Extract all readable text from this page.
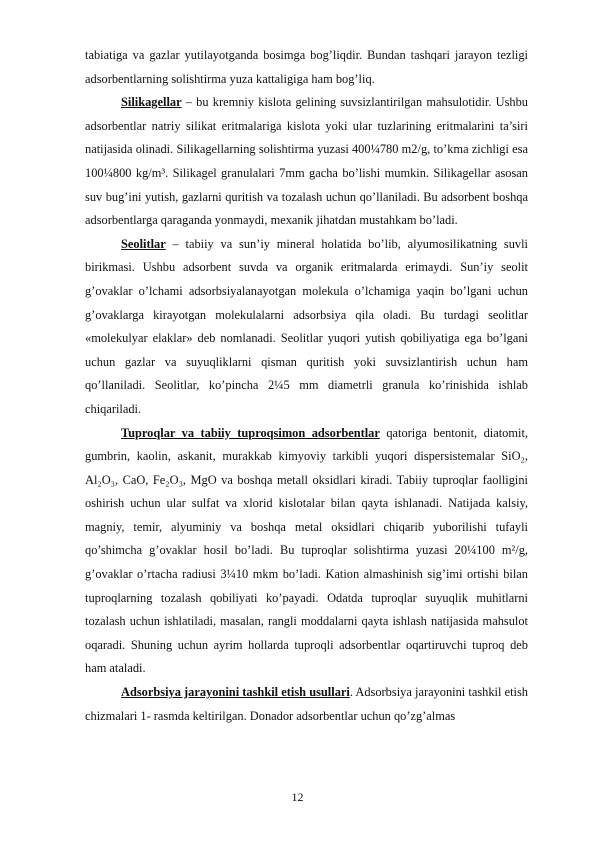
tabiatiga va gazlar yutilayotganda bosimga bog’liqdir. Bundan tashqari jarayon tezligi adsorbentlarning solishtirma yuza kattaligiga ham bog’liq.

Silikagellar – bu kremniy kislota gelining suvsizlantirilgan mahsulotidir. Ushbu adsorbentlar natriy silikat eritmalariga kislota yoki ular tuzlarining eritmalarini ta’siri natijasida olinadi. Silikagellarning solishtirma yuzasi 400¼780 m2/g, to’kma zichligi esa 100¼800 kg/m³. Silikagel granulalari 7mm gacha bo’lishi mumkin. Silikagellar asosan suv bug’ini yutish, gazlarni quritish va tozalash uchun qo’llaniladi. Bu adsorbent boshqa adsorbentlarga qaraganda yonmaydi, mexanik jihatdan mustahkam bo’ladi.

Seolitlar – tabiiy va sun’iy mineral holatida bo’lib, alyumosilikatning suvli birikmasi. Ushbu adsorbent suvda va organik eritmalarda erimaydi. Sun’iy seolit g’ovaklar o’lchami adsorbsiyalanayotgan molekula o’lchamiga yaqin bo’lgani uchun g’ovaklarga kirayotgan molekulalarni adsorbsiya qila oladi. Bu turdagi seolitlar «molekulyar elaklar» deb nomlanadi. Seolitlar yuqori yutish qobiliyatiga ega bo’lgani uchun gazlar va suyuqliklarni qisman quritish yoki suvsizlantirish uchun ham qo’llaniladi. Seolitlar, ko’pincha 2¼5 mm diametrli granula ko’rinishida ishlab chiqariladi.

Tuproqlar va tabiiy tuproqsimon adsorbentlar qatoriga bentonit, diatomit, gumbrin, kaolin, askanit, murakkab kimyoviy tarkibli yuqori dispersistemalar SiO₂, Al₂O₃, CaO, Fe₂O₃, MgO va boshqa metall oksidlari kiradi. Tabiiy tuproqlar faolligini oshirish uchun ular sulfat va xlorid kislotalar bilan qayta ishlanadi. Natijada kalsiy, magniy, temir, alyuminiy va boshqa metal oksidlari chiqarib yuborilishi tufayli qo’shimcha g’ovaklar hosil bo’ladi. Bu tuproqlar solishtirma yuzasi 20¼100 m²/g, g’ovaklar o’rtacha radiusi 3¼10 mkm bo’ladi. Kation almashinish sig’imi ortishi bilan tuproqlarning tozalash qobiliyati ko’payadi. Odatda tuproqlar suyuqlik muhitlarni tozalash uchun ishlatiladi, masalan, rangli moddalarni qayta ishlash natijasida mahsulot oqaradi. Shuning uchun ayrim hollarda tuproqli adsorbentlar oqartiruvchi tuproq deb ham ataladi.

Adsorbsiya jarayonini tashkil etish usullari. Adsorbsiya jarayonini tashkil etish chizmalari 1- rasmda keltirilgan. Donador adsorbentlar uchun qo’zg’almas

12
